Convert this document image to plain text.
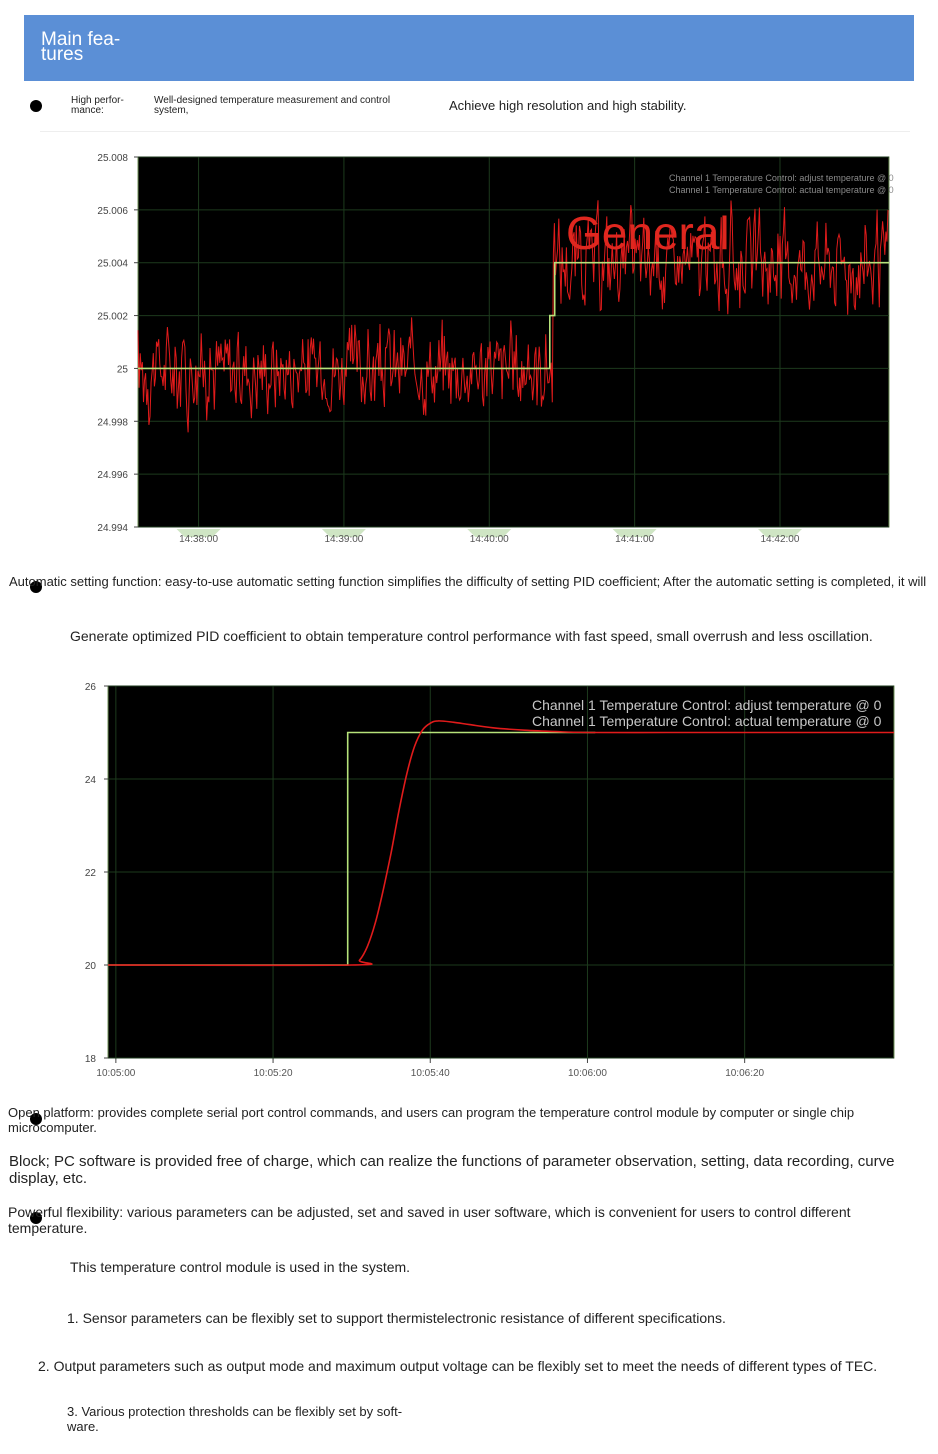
Main fea-
tures
High perfor-
mance:
Well-designed temperature measurement and control system,	Achieve high resolution and high stability.
14:38:00	14:39:00	14:40:00	14:41:00	14:42:00
25.008
25.006
25.004
25.002
25
24.998
24.996
24.994
Channel 1 Temperature Control: adjust temperature @ 0
Channel 1 Temperature Control: actual temperature @ 0
General
Automatic setting function: easy-to-use automatic setting function simplifies the difficulty of setting PID coefficient; After the automatic setting is completed, it will
Generate optimized PID coefficient to obtain temperature control performance with fast speed, small overrush and less oscillation.
10:05:00	10:05:20	10:05:40	10:06:00	10:06:20
26
24
22
20
18
Channel 1 Temperature Control: adjust temperature @ 0
Channel 1 Temperature Control: actual temperature @ 0
Open platform: provides complete serial port control commands, and users can program the temperature control module by computer or single chip microcomputer.
Block; PC software is provided free of charge, which can realize the functions of parameter observation, setting, data recording, curve display, etc.
Powerful flexibility: various parameters can be adjusted, set and saved in user software, which is convenient for users to control different temperature.
This temperature control module is used in the system.
1. Sensor parameters can be flexibly set to support thermistelectronic resistance of different specifications.
2. Output parameters such as output mode and maximum output voltage can be flexibly set to meet the needs of different types of TEC.
3. Various protection thresholds can be flexibly set by soft-
ware.
